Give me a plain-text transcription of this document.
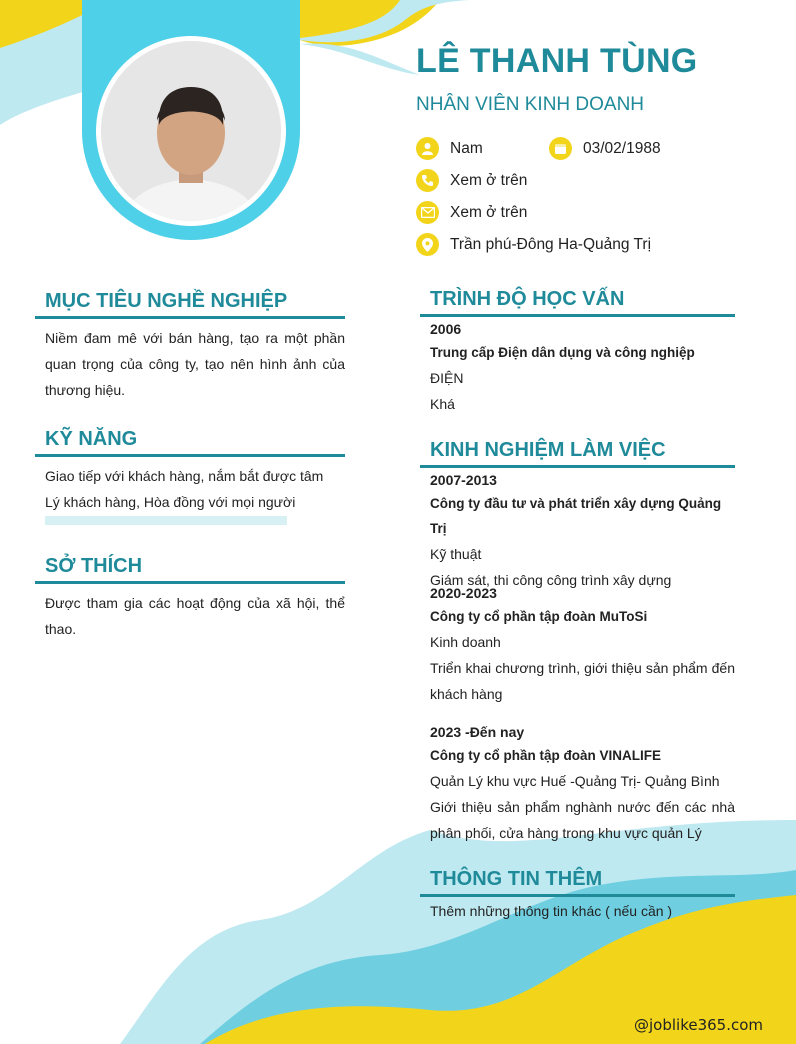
LÊ THANH TÙNG
NHÂN VIÊN KINH DOANH
Nam	03/02/1988
Xem ở trên
Xem ở trên
Trần phú-Đông Ha-Quảng Trị
MỤC TIÊU NGHỀ NGHIỆP
Niềm đam mê với bán hàng, tạo ra một phần quan trọng của công ty, tạo nên hình ảnh của thương hiệu.
KỸ NĂNG
Giao tiếp với khách hàng, nắm bắt được tâm
Lý khách hàng, Hòa đồng với mọi người
SỞ THÍCH
Được tham gia các hoạt động của xã hội, thể thao.
TRÌNH ĐỘ HỌC VẤN
2006
Trung cấp Điện dân dụng và công nghiệp
ĐIỆN
Khá
KINH NGHIỆM LÀM VIỆC
2007-2013
Công ty đầu tư và phát triển xây dựng Quảng Trị
Kỹ thuật
Giám sát, thi công công trình xây dựng
2020-2023
Công ty cổ phần tập đoàn MuToSi
Kinh doanh
Triển khai chương trình, giới thiệu sản phẩm đến khách hàng
2023 -Đến nay
Công ty cổ phần tập đoàn VINALIFE
Quản Lý khu vực Huế -Quảng Trị- Quảng Bình
Giới thiệu sản phẩm nghành nước đến các nhà phân phối, cửa hàng trong khu vực quản Lý
THÔNG TIN THÊM
Thêm những thông tin khác ( nếu cần )
@joblike365.com
